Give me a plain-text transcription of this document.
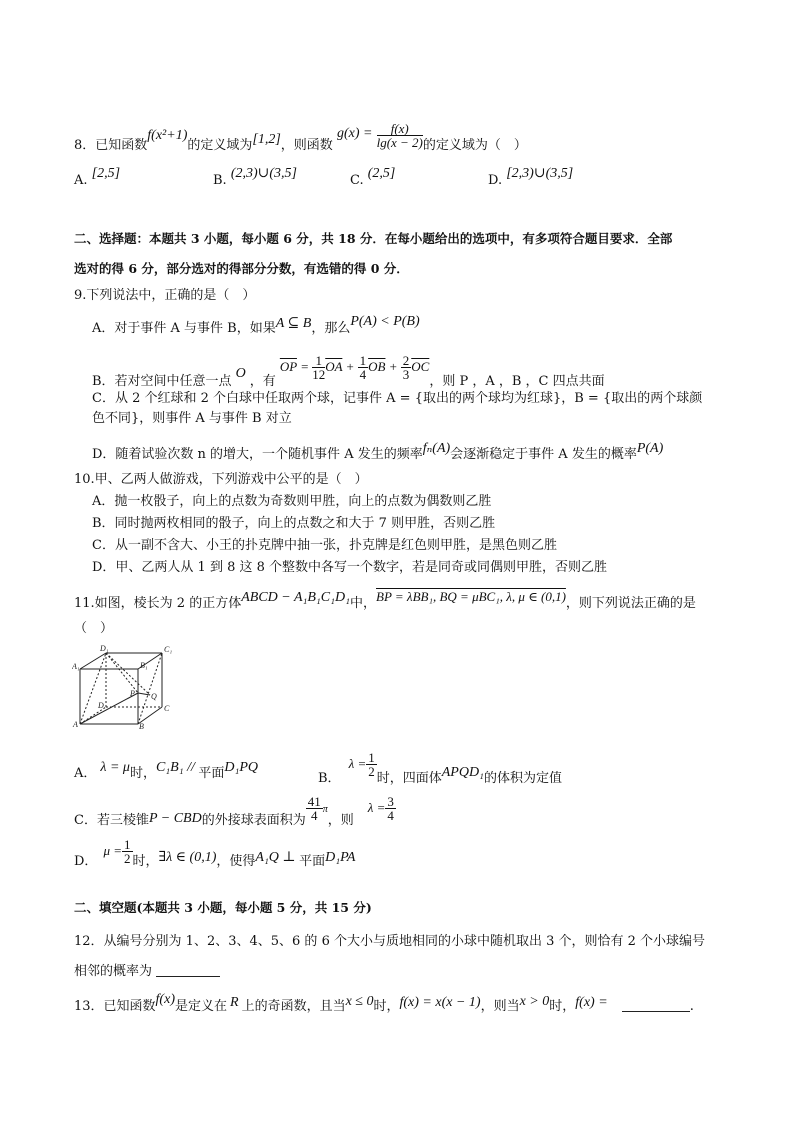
8．已知函数f(x²+1)的定义域为[1,2]，则函数 $g(x) = \frac{f(x)}{\lg(x - 2)}$ 的定义域为（　）
A. [2,5]	B. (2,3)∪(3,5]	C. (2,5]	D. [2,3)∪(3,5]
二、选择题：本题共 3 小题，每小题 6 分，共 18 分．在每小题给出的选项中，有多项符合题目要求．全部
选对的得 6 分，部分选对的得部分分数，有选错的得 0 分．
9.下列说法中，正确的是（　）
A．对于事件 A 与事件 B，如果A ⊆ B，那么P(A) < P(B)
B．若对空间中任意一点O，有 $\overline{OP} = \frac{1}{12} \overline{OA} + \frac{1}{4} \overline{OB} + \frac{2}{3} \overline{OC}$，则 P ，A ，B ，C 四点共面
C．从 2 个红球和 2 个白球中任取两个球，记事件 A = {取出的两个球均为红球}，B = {取出的两个球颜
色不同}，则事件 A 与事件 B 对立
D．随着试验次数 n 的增大，一个随机事件 A 发生的频率fₙ(A)会逐渐稳定于事件 A 发生的概率P(A)
10.甲、乙两人做游戏，下列游戏中公平的是（　）
A．抛一枚骰子，向上的点数为奇数则甲胜，向上的点数为偶数则乙胜
B．同时抛两枚相同的骰子，向上的点数之和大于 7 则甲胜，否则乙胜
C．从一副不含大、小王的扑克牌中抽一张，扑克牌是红色则甲胜，是黑色则乙胜
D．甲、乙两人从 1 到 8 这 8 个整数中各写一个数字，若是同奇或同偶则甲胜，否则乙胜
11.如图，棱长为 2 的正方体ABCD − A₁B₁C₁D₁中，BP = λBB₁, BQ = μBC₁, λ, μ ∈ (0,1)，则下列说法正确的是
（　）
D₁	C₁
A₁	B₁
P Q
D	C
A	B
A． λ = μ时，C₁B₁ // 平面D₁PQ
B．$\lambda = \frac{1}{2}$
时，四面体APQD₁的体积为定值
C．若三棱锥P − CBD的外接球表面积为 $\frac{41}{4}$ π，则$\lambda = \frac{3}{4}$
D．$\mu = \frac{1}{2}$ 时，∃λ ∈ (0,1)，使得A₁Q ⊥ 平面D₁PA
二、填空题(本题共 3 小题，每小题 5 分，共 15 分)
12．从编号分别为 1、2、3、4、5、6 的 6 个大小与质地相同的小球中随机取出 3 个，则恰有 2 个小球编号
相邻的概率为
13．已知函数f(x)是定义在 R 上的奇函数，且当x ≤ 0时，f(x) = x(x − 1)，则当x > 0时，f(x) =	.
